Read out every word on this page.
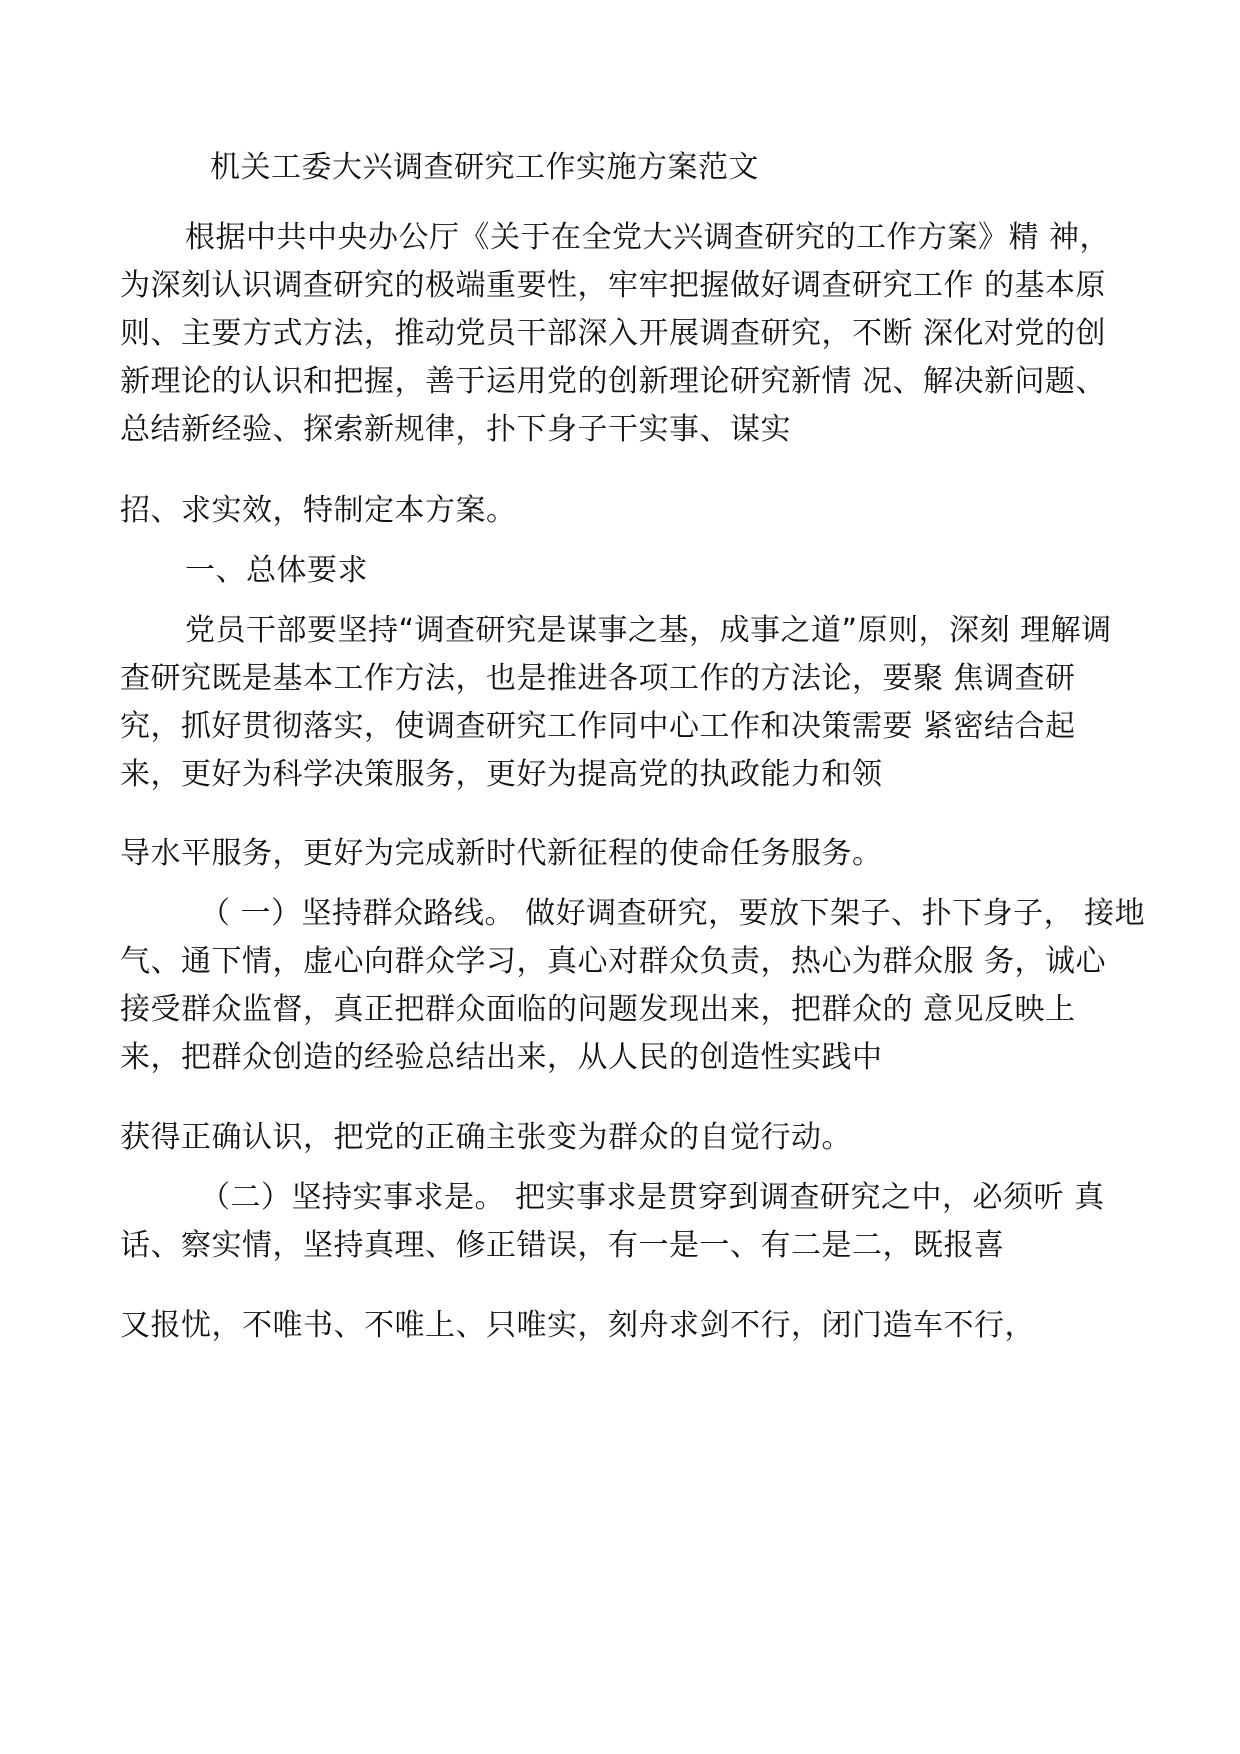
机关工委大兴调查研究工作实施方案范文
根据中共中央办公厅《关于在全党大兴调查研究的工作方案》精 神，
为深刻认识调查研究的极端重要性，牢牢把握做好调查研究工作 的基本原
则、主要方式方法，推动党员干部深入开展调查研究，不断 深化对党的创
新理论的认识和把握，善于运用党的创新理论研究新情 况、解决新问题、
总结新经验、探索新规律，扑下身子干实事、谋实
招、求实效，特制定本方案。
一、总体要求
党员干部要坚持“调查研究是谋事之基，成事之道”原则，深刻 理解调
查研究既是基本工作方法，也是推进各项工作的方法论，要聚 焦调查研
究，抓好贯彻落实，使调查研究工作同中心工作和决策需要 紧密结合起
来，更好为科学决策服务，更好为提高党的执政能力和领
导水平服务，更好为完成新时代新征程的使命任务服务。
（ 一）坚持群众路线。 做好调查研究，要放下架子、扑下身子， 接地
气、通下情，虚心向群众学习，真心对群众负责，热心为群众服 务，诚心
接受群众监督，真正把群众面临的问题发现出来，把群众的 意见反映上
来，把群众创造的经验总结出来，从人民的创造性实践中
获得正确认识，把党的正确主张变为群众的自觉行动。
（二）坚持实事求是。 把实事求是贯穿到调查研究之中，必须听 真
话、察实情，坚持真理、修正错误，有一是一、有二是二，既报喜
又报忧，不唯书、不唯上、只唯实，刻舟求剑不行，闭门造车不行，
